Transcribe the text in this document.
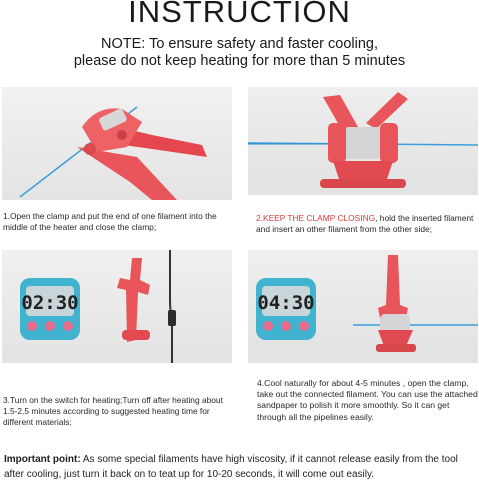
INSTRUCTION
NOTE: To ensure safety and faster cooling,
please do not keep heating for more than 5 minutes
02:30	04:30
1.Open the clamp and put the end of one filament into the middle of the heater and close the clamp;
2.KEEP THE CLAMP CLOSING, hold the inserted filament and insert an other filament from the other side;
3.Turn on the switch for heating;Turn off after heating about 1.5-2.5 minutes according to suggested heating time for different materials;
4.Cool naturally for about 4-5 minutes , open the clamp, take out the connected filament. You can use the attached sandpaper to polish it more smoothly. So it can get through all the pipelines easily.
Important point: As some special filaments have high viscosity, if it cannot release easily from the tool after cooling, just turn it back on to teat up for 10-20 seconds, it will come out easily.
